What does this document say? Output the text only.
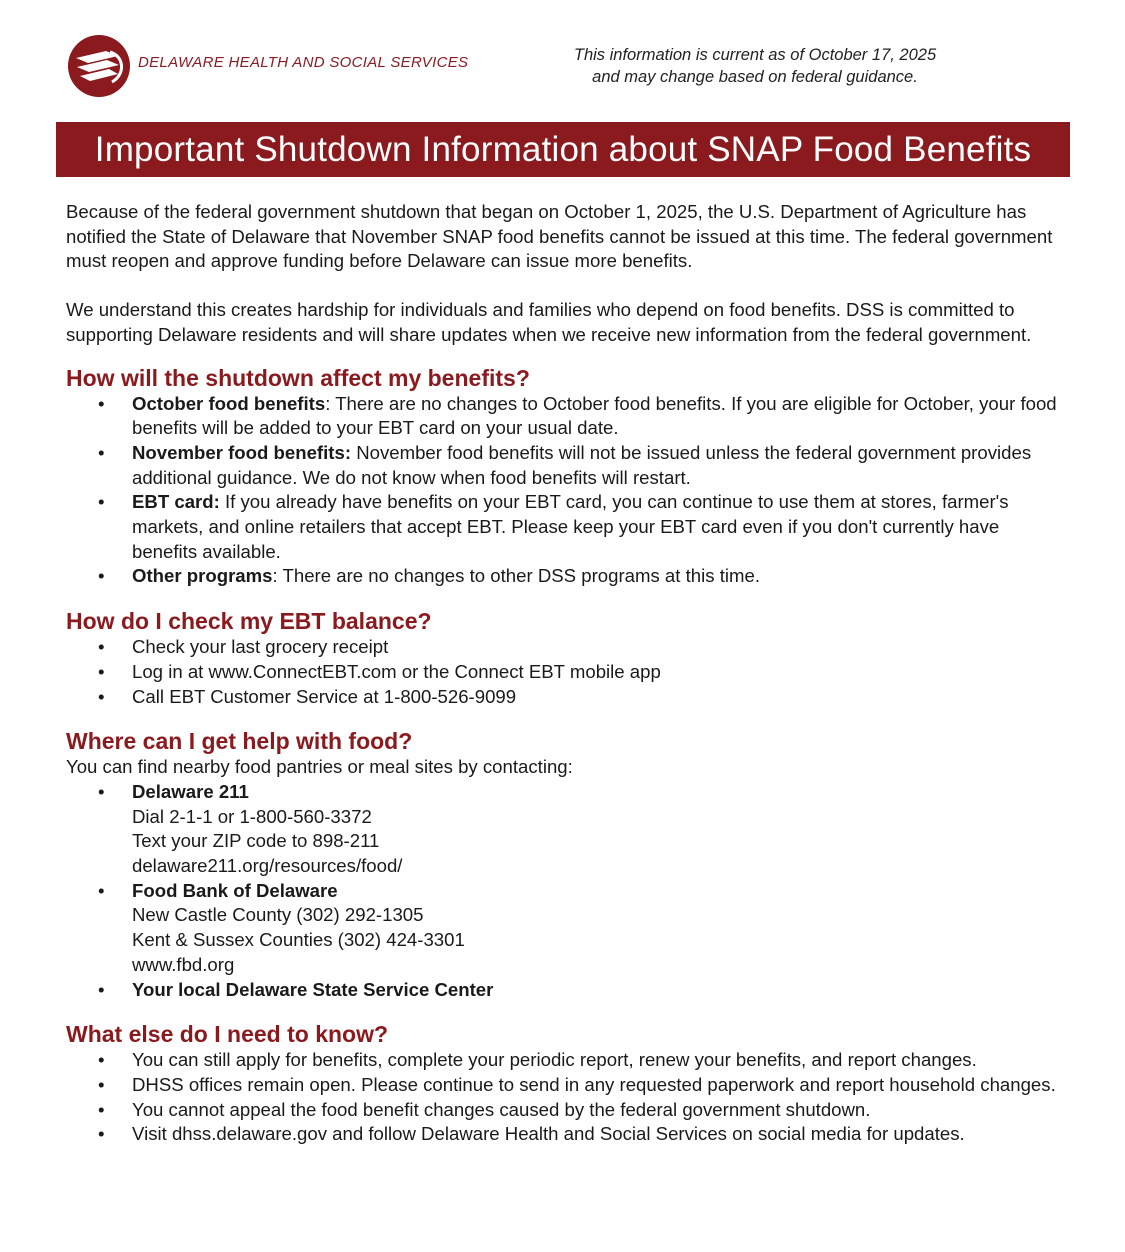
DELAWARE HEALTH AND SOCIAL SERVICES	This information is current as of October 17, 2025
and may change based on federal guidance.
Important Shutdown Information about SNAP Food Benefits

Because of the federal government shutdown that began on October 1, 2025, the U.S. Department of Agriculture has notified the State of Delaware that November SNAP food benefits cannot be issued at this time. The federal government must reopen and approve funding before Delaware can issue more benefits.

We understand this creates hardship for individuals and families who depend on food benefits. DSS is committed to supporting Delaware residents and will share updates when we receive new information from the federal government.

How will the shutdown affect my benefits?
• October food benefits: There are no changes to October food benefits. If you are eligible for October, your food benefits will be added to your EBT card on your usual date.
• November food benefits: November food benefits will not be issued unless the federal government provides additional guidance. We do not know when food benefits will restart.
• EBT card: If you already have benefits on your EBT card, you can continue to use them at stores, farmer's markets, and online retailers that accept EBT. Please keep your EBT card even if you don't currently have benefits available.
• Other programs: There are no changes to other DSS programs at this time.
How do I check my EBT balance?
• Check your last grocery receipt
• Log in at www.ConnectEBT.com or the Connect EBT mobile app
• Call EBT Customer Service at 1-800-526-9099
Where can I get help with food?

You can find nearby food pantries or meal sites by contacting:

• Delaware 211
Dial 2-1-1 or 1-800-560-3372
Text your ZIP code to 898-211
delaware211.org/resources/food/
• Food Bank of Delaware
New Castle County (302) 292-1305
Kent & Sussex Counties (302) 424-3301
www.fbd.org
• Your local Delaware State Service Center
What else do I need to know?
• You can still apply for benefits, complete your periodic report, renew your benefits, and report changes.
• DHSS offices remain open. Please continue to send in any requested paperwork and report household changes.
• You cannot appeal the food benefit changes caused by the federal government shutdown.
• Visit dhss.delaware.gov and follow Delaware Health and Social Services on social media for updates.
